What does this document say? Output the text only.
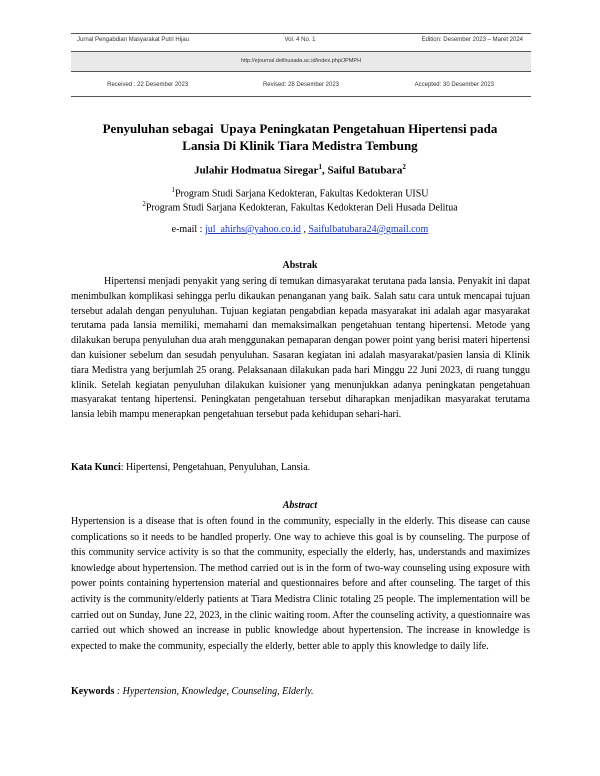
Jurnal Pengabdian Masyarakat Putri Hijau	Vol. 4 No. 1	Edition: Desember 2023 – Maret 2024
http://ejournal.delihusada.ac.id/index.php/JPMPH
Received : 22 Desember 2023	Revised: 28 Desember 2023	Accepted: 30 Desember 2023
Penyuluhan sebagai  Upaya Peningkatan Pengetahuan Hipertensi pada
Lansia Di Klinik Tiara Medistra Tembung
Julahir Hodmatua Siregar$^1$, Saiful Batubara$^2$
$^1$Program Studi Sarjana Kedokteran, Fakultas Kedokteran UISU
$^2$Program Studi Sarjana Kedokteran, Fakultas Kedokteran Deli Husada Delitua
e-mail : jul_ahirhs@yahoo.co.id , Saifulbatubara24@gmail.com
Abstrak
Hipertensi menjadi penyakit yang sering di temukan dimasyarakat terutana pada lansia. Penyakit ini dapat menimbulkan komplikasi sehingga perlu dikaukan penanganan yang baik. Salah satu cara untuk mencapai tujuan tersebut adalah dengan penyuluhan. Tujuan kegiatan pengabdian kepada masyarakat ini adalah agar masyarakat terutama pada lansia memiliki, memahami dan memaksimalkan pengetahuan tentang hipertensi. Metode yang dilakukan berupa penyuluhan dua arah menggunakan pemaparan dengan power point yang berisi materi hipertensi dan kuisioner sebelum dan sesudah penyuluhan. Sasaran kegiatan ini adalah masyarakat/pasien lansia di Klinik tiara Medistra yang berjumlah 25 orang. Pelaksanaan dilakukan pada hari Minggu 22 Juni 2023, di ruang tunggu klinik. Setelah kegiatan penyuluhan dilakukan kuisioner yang menunjukkan adanya peningkatan pengetahuan masyarakat tentang hipertensi. Peningkatan pengetahuan tersebut diharapkan menjadikan masyarakat terutama lansia lebih mampu menerapkan pengetahuan tersebut pada kehidupan sehari-hari.
Kata Kunci: Hipertensi, Pengetahuan, Penyuluhan, Lansia.
Abstract
Hypertension is a disease that is often found in the community, especially in the elderly. This disease can cause complications so it needs to be handled properly. One way to achieve this goal is by counseling. The purpose of this community service activity is so that the community, especially the elderly, has, understands and maximizes knowledge about hypertension. The method carried out is in the form of two-way counseling using exposure with power points containing hypertension material and questionnaires before and after counseling. The target of this activity is the community/elderly patients at Tiara Medistra Clinic totaling 25 people. The implementation will be carried out on Sunday, June 22, 2023, in the clinic waiting room. After the counseling activity, a questionnaire was carried out which showed an increase in public knowledge about hypertension. The increase in knowledge is expected to make the community, especially the elderly, better able to apply this knowledge to daily life.
Keywords : Hypertension, Knowledge, Counseling, Elderly.
